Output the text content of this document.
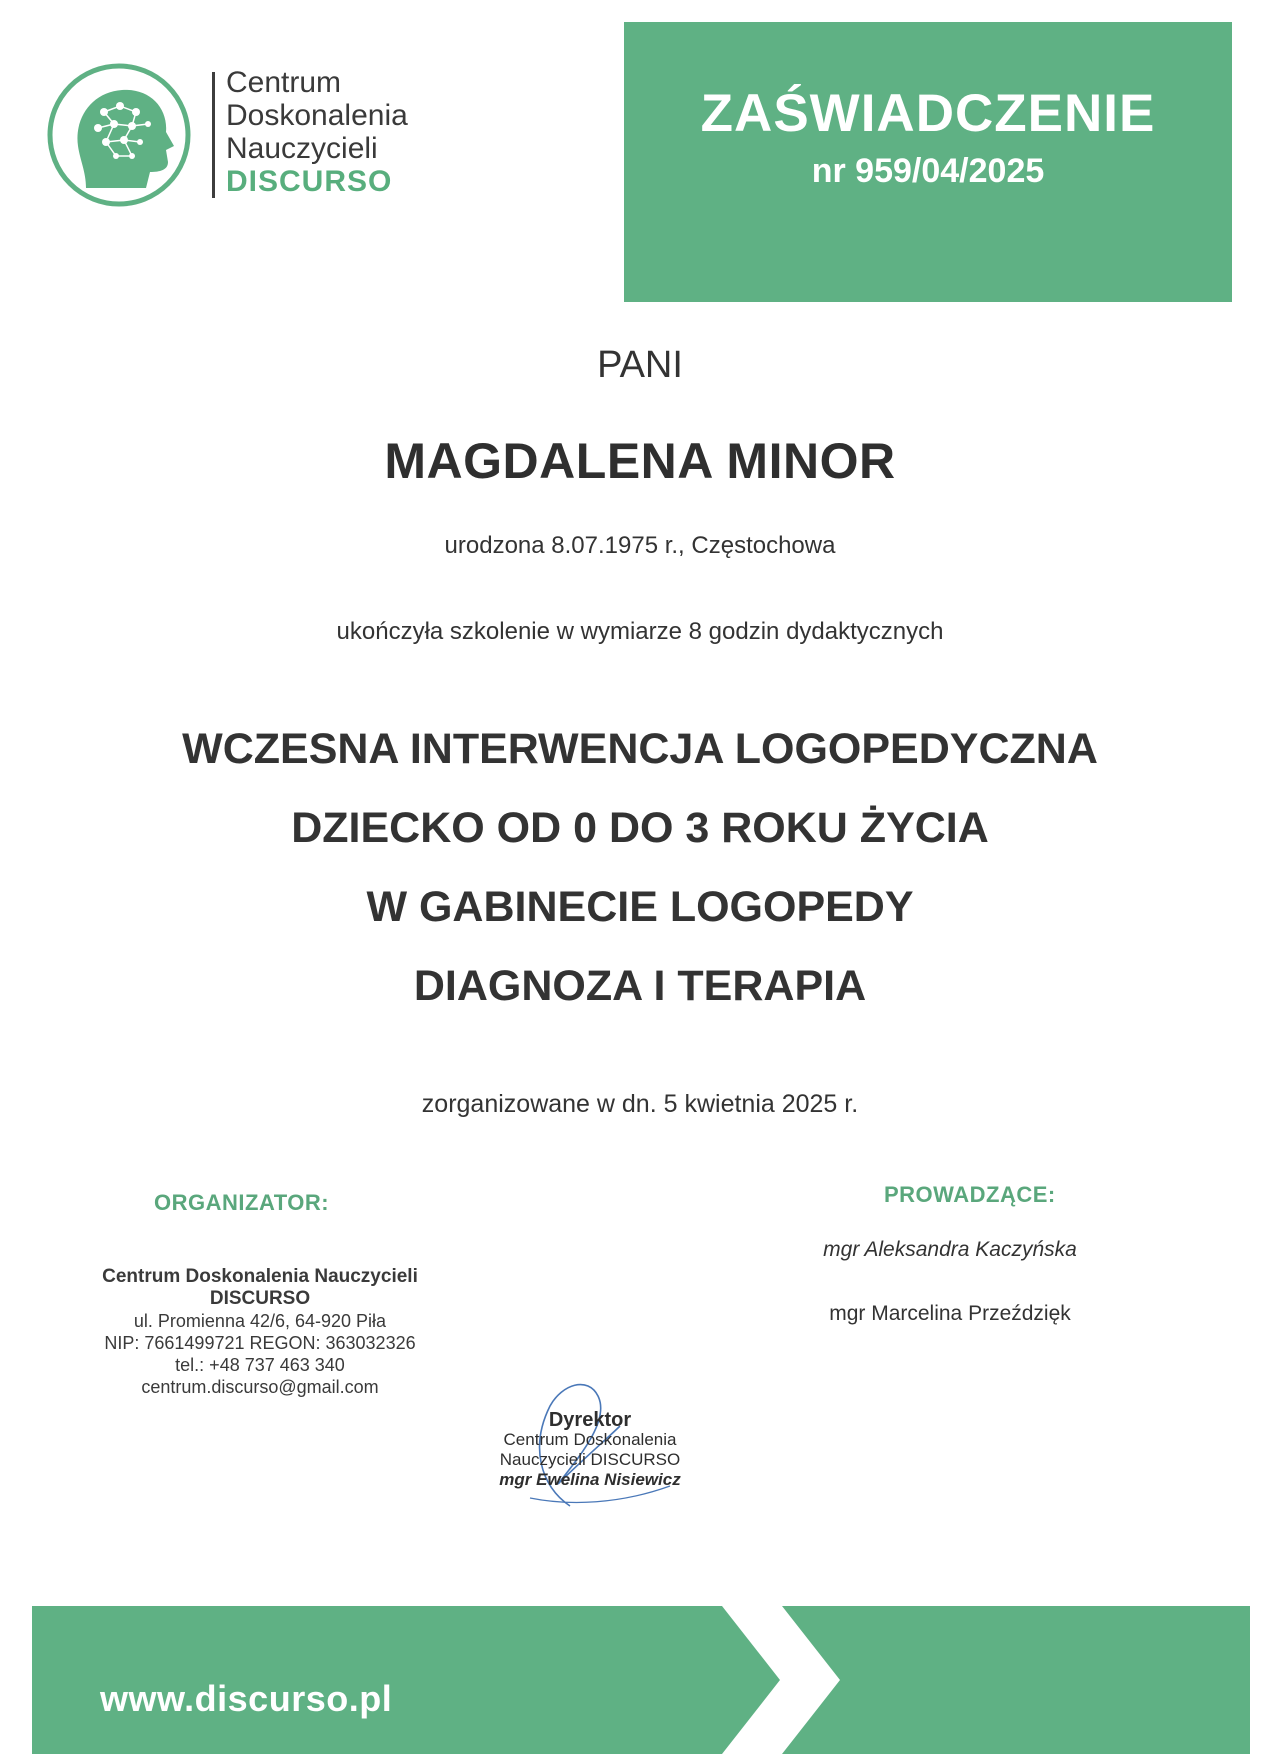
Centrum
Doskonalenia
Nauczycieli
DISCURSO
ZAŚWIADCZENIE
nr 959/04/2025
PANI
MAGDALENA MINOR
urodzona 8.07.1975 r., Częstochowa
ukończyła szkolenie w wymiarze 8 godzin dydaktycznych
WCZESNA INTERWENCJA LOGOPEDYCZNA
DZIECKO OD 0 DO 3 ROKU ŻYCIA
W GABINECIE LOGOPEDY
DIAGNOZA I TERAPIA
zorganizowane w dn. 5 kwietnia 2025 r.
ORGANIZATOR:
Centrum Doskonalenia Nauczycieli
DISCURSO
ul. Promienna 42/6, 64-920 Piła
NIP: 7661499721 REGON: 363032326
tel.: +48 737 463 340
centrum.discurso@gmail.com
PROWADZĄCE:
mgr Aleksandra Kaczyńska
mgr Marcelina Przeździęk
Dyrektor
Centrum Doskonalenia
Nauczycieli DISCURSO
mgr Ewelina Nisiewicz
www.discurso.pl
